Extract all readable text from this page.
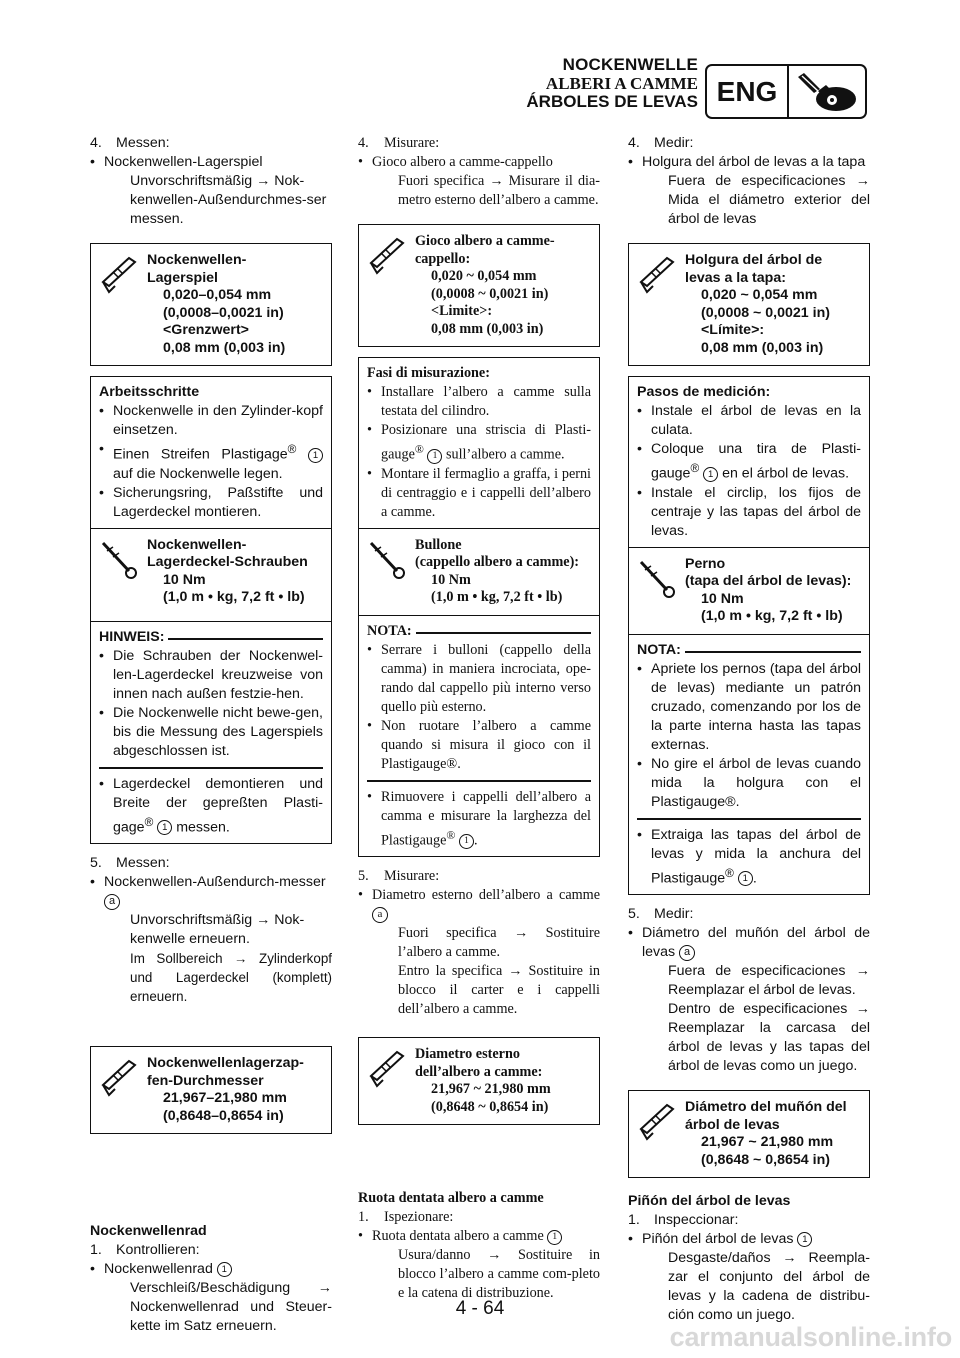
NOCKENWELLE
ALBERI A CAMME
ÁRBOLES DE LEVAS ENG
4. Messen:
• Nockenwellen-Lagerspiel
Unvorschriftsmäßig → Nok-kenwellen-Außendurchmes-ser messen.
Nockenwellen-
Lagerspiel
0,020–0,054 mm
(0,0008–0,0021 in)
<Grenzwert>
0,08 mm (0,003 in)
Arbeitsschritte
• Nockenwelle in den Zylinder-kopf einsetzen.
• Einen Streifen Plastigage® 1 auf die Nockenwelle legen.
• Sicherungsring, Paßstifte und Lagerdeckel montieren.
Nockenwellen-
Lagerdeckel-Schrauben
10 Nm
(1,0 m • kg, 7,2 ft • lb)
HINWEIS:
• Die Schrauben der Nockenwel-len-Lagerdeckel kreuzweise von innen nach außen festzie-hen.
• Die Nockenwelle nicht bewe-gen, bis die Messung des Lagerspiels abgeschlossen ist.
• Lagerdeckel demontieren und Breite der gepreßten Plasti-gage® 1 messen.
5. Messen:
• Nockenwellen-Außendurch-messer a
Unvorschriftsmäßig → Nok-kenwelle erneuern.
Im Sollbereich → Zylinderkopf und Lagerdeckel (komplett) erneuern.
Nockenwellenlagerzap-
fen-Durchmesser
21,967–21,980 mm
(0,8648–0,8654 in)
Nockenwellenrad
1. Kontrollieren:
• Nockenwellenrad 1
Verschleiß/Beschädigung → Nockenwellenrad und Steuer-kette im Satz erneuern.
4. Misurare:
• Gioco albero a camme-cappello
Fuori specifica → Misurare il dia-metro esterno dell’albero a camme.
Gioco albero a camme-
cappello:
0,020 ~ 0,054 mm
(0,0008 ~ 0,0021 in)
<Limite>:
0,08 mm (0,003 in)
Fasi di misurazione:
• Installare l’albero a camme sulla testata del cilindro.
• Posizionare una striscia di Plasti-gauge® 1 sull’albero a camme.
• Montare il fermaglio a graffa, i perni di centraggio e i cappelli dell’albero a camme.
Bullone
(cappello albero a camme):
10 Nm
(1,0 m • kg, 7,2 ft • lb)
NOTA:
• Serrare i bulloni (cappello della camma) in maniera incrociata, ope-rando dal cappello più interno verso quello più esterno.
• Non ruotare l’albero a camme quando si misura il gioco con il Plastigauge®.
• Rimuovere i cappelli dell’albero a camma e misurare la larghezza del Plastigauge® 1 .
5. Misurare:
• Diametro esterno dell’albero a camme a
Fuori specifica → Sostituire l’albero a camme.
Entro la specifica → Sostituire in blocco il carter e i cappelli dell’albero a camme.
Diametro esterno
dell’albero a camme:
21,967 ~ 21,980 mm
(0,8648 ~ 0,8654 in)
Ruota dentata albero a camme
1. Ispezionare:
• Ruota dentata albero a camme 1
Usura/danno → Sostituire in blocco l’albero a camme com-pleto e la catena di distribuzione.
4. Medir:
• Holgura del árbol de levas a la tapa
Fuera de especificaciones → Mida el diámetro exterior del árbol de levas
Holgura del árbol de
levas a la tapa:
0,020 ~ 0,054 mm
(0,0008 ~ 0,0021 in)
<Límite>:
0,08 mm (0,003 in)
Pasos de medición:
• Instale el árbol de levas en la culata.
• Coloque una tira de Plasti-gauge® 1 en el árbol de levas.
• Instale el circlip, los fijos de centraje y las tapas del árbol de levas.
Perno
(tapa del árbol de levas):
10 Nm
(1,0 m • kg, 7,2 ft • lb)
NOTA:
• Apriete los pernos (tapa del árbol de levas) mediante un patrón cruzado, comenzando por los de la parte interna hasta las tapas externas.
• No gire el árbol de levas cuando mida la holgura con el Plastigauge®.
• Extraiga las tapas del árbol de levas y mida la anchura del Plastigauge® 1 .
5. Medir:
• Diámetro del muñón del árbol de levas a
Fuera de especificaciones → Reemplazar el árbol de levas.
Dentro de especificaciones → Reemplazar la carcasa del árbol de levas y las tapas del árbol de levas como un juego.
Diámetro del muñón del
árbol de levas
21,967 ~ 21,980 mm
(0,8648 ~ 0,8654 in)
Piñón del árbol de levas
1. Inspeccionar:
• Piñón del árbol de levas 1
Desgaste/daños → Reempla-zar el conjunto del árbol de levas y la cadena de distribu-ción como un juego.
4 - 64
carmanualsonline.info
